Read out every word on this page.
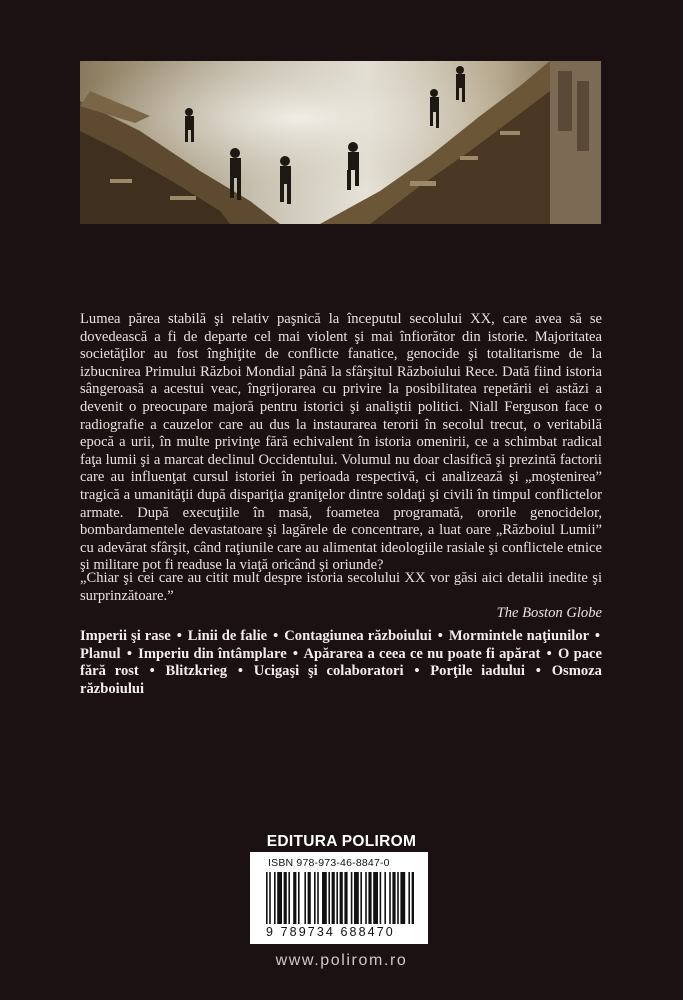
Lumea părea stabilă şi relativ paşnică la începutul secolului XX, care avea să se dovedească a fi de departe cel mai violent şi mai înfiorător din istorie. Majoritatea societăţilor au fost înghiţite de conflicte fanatice, genocide şi totalitarisme de la izbucnirea Primului Război Mondial până la sfârşitul Războiului Rece. Dată fiind istoria sângeroasă a acestui veac, îngrijorarea cu privire la posibilitatea repetării ei astăzi a devenit o preocupare majoră pentru istorici şi analiştii politici. Niall Ferguson face o radiografie a cauzelor care au dus la instaurarea terorii în secolul trecut, o veritabilă epocă a urii, în multe privinţe fără echivalent în istoria omenirii, ce a schimbat radical faţa lumii şi a marcat declinul Occidentului. Volumul nu doar clasifică şi prezintă factorii care au influenţat cursul istoriei în perioada respectivă, ci analizează şi „moştenirea” tragică a umanităţii după dispariţia graniţelor dintre soldaţi şi civili în timpul conflictelor armate. După execuţiile în masă, foametea programată, ororile genocidelor, bombardamentele devastatoare şi lagărele de concentrare, a luat oare „Războiul Lumii” cu adevărat sfârşit, când raţiunile care au alimentat ideologiile rasiale şi conflictele etnice şi militare pot fi readuse la viaţă oricând şi oriunde?

„Chiar şi cei care au citit mult despre istoria secolului XX vor găsi aici detalii inedite şi surprinzătoare.”

The Boston Globe

Imperii şi rase • Linii de falie • Contagiunea războiului • Mormintele naţiunilor • Planul • Imperiu din întâmplare • Apărarea a ceea ce nu poate fi apărat • O pace fără rost • Blitzkrieg • Ucigaşi şi colaboratori • Porţile iadului • Osmoza războiului

EDITURA POLIROM
ISBN 978-973-46-8847-0
9 789734 688470
www.polirom.ro
